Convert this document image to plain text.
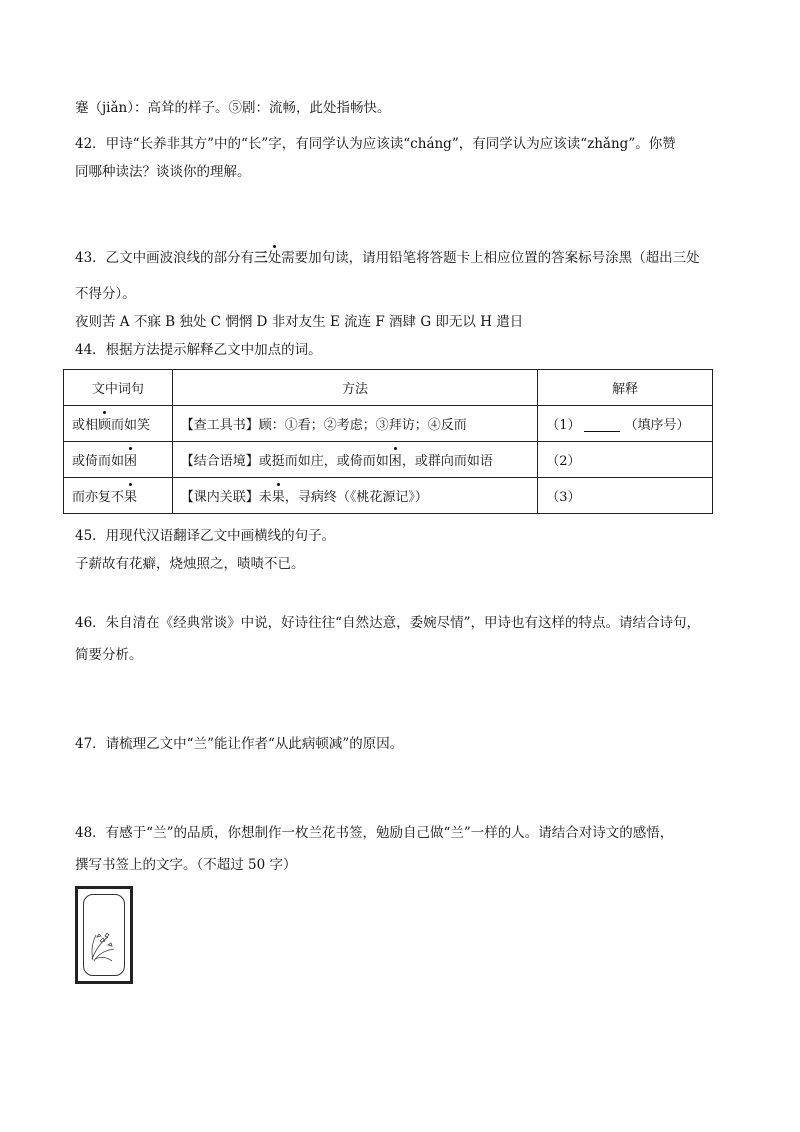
蹇（jiǎn）：高耸的样子。⑤剧：流畅，此处指畅快。
42．甲诗“长养非其方”中的“长”字，有同学认为应该读“cháng”，有同学认为应该读“zhǎng”。你赞
同哪种读法？谈谈你的理解。
43．乙文中画波浪线的部分有三处需要加句读，请用铅笔将答题卡上相应位置的答案标号涂黑（超出三处
不得分）。
夜则苦 A 不寐 B 独处 C 惘惘 D 非对友生 E 流连 F 酒肆 G 即无以 H 遣日
44．根据方法提示解释乙文中加点的词。
文中词句	方法	解释
或相顾而如笑	【查工具书】顾：①看；②考虑；③拜访；④反而	（1） （填序号）
或倚而如困	【结合语境】或挺而如庄，或倚而如困，或群向而如语	（2）
而亦复不果	【课内关联】未果，寻病终（《桃花源记》）	（3）
45．用现代汉语翻译乙文中画横线的句子。
子薪故有花癖，烧烛照之，啧啧不已。
46．朱自清在《经典常谈》中说，好诗往往“自然达意，委婉尽情”，甲诗也有这样的特点。请结合诗句，
简要分析。
47．请梳理乙文中“兰”能让作者“从此病顿减”的原因。
48．有感于“兰”的品质，你想制作一枚兰花书签，勉励自己做“兰”一样的人。请结合对诗文的感悟，
撰写书签上的文字。（不超过 50 字）
